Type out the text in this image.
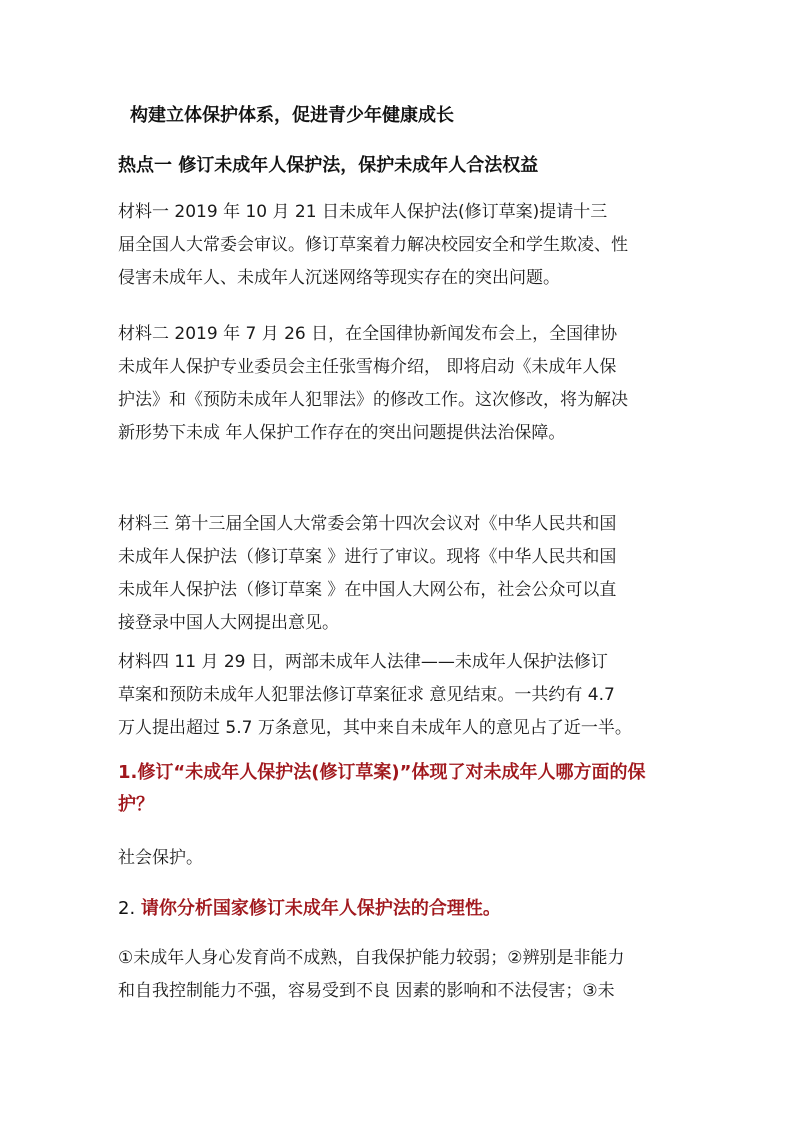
构建立体保护体系，促进青少年健康成长
热点一 修订未成年人保护法，保护未成年人合法权益
材料一 2019 年 10 月 21 日未成年人保护法(修订草案)提请十三
届全国人大常委会审议。修订草案着力解决校园安全和学生欺凌、性
侵害未成年人、未成年人沉迷网络等现实存在的突出问题。
材料二 2019 年 7 月 26 日，在全国律协新闻发布会上，全国律协
未成年人保护专业委员会主任张雪梅介绍， 即将启动《未成年人保
护法》和《预防未成年人犯罪法》的修改工作。这次修改，将为解决
新形势下未成 年人保护工作存在的突出问题提供法治保障。
材料三 第十三届全国人大常委会第十四次会议对《中华人民共和国
未成年人保护法（修订草案 》进行了审议。现将《中华人民共和国
未成年人保护法（修订草案 》在中国人大网公布，社会公众可以直
接登录中国人大网提出意见。
材料四 11 月 29 日，两部未成年人法律——未成年人保护法修订
草案和预防未成年人犯罪法修订草案征求 意见结束。一共约有 4.7
万人提出超过 5.7 万条意见，其中来自未成年人的意见占了近一半。
1.修订“未成年人保护法(修订草案)”体现了对未成年人哪方面的保
护？
社会保护。
2. 请你分析国家修订未成年人保护法的合理性。
①未成年人身心发育尚不成熟，自我保护能力较弱；②辨别是非能力
和自我控制能力不强，容易受到不良 因素的影响和不法侵害；③未
